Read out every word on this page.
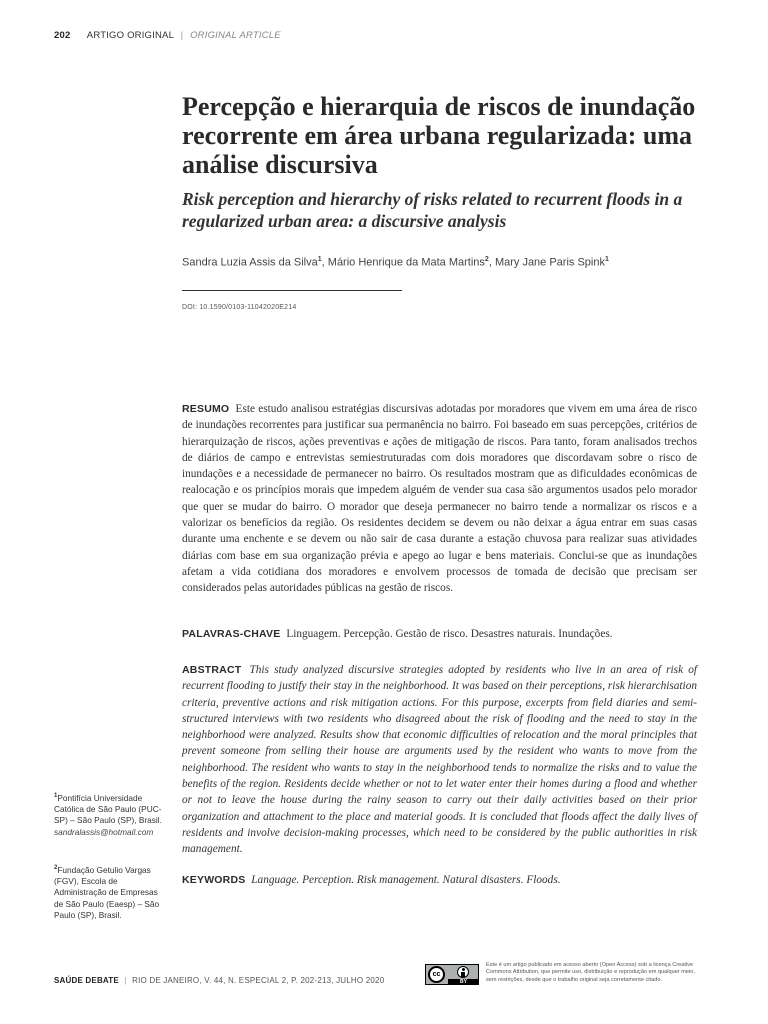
202 ARTIGO ORIGINAL | ORIGINAL ARTICLE
Percepção e hierarquia de riscos de inundação recorrente em área urbana regularizada: uma análise discursiva
Risk perception and hierarchy of risks related to recurrent floods in a regularized urban area: a discursive analysis
Sandra Luzia Assis da Silva$^1$, Mário Henrique da Mata Martins$^2$, Mary Jane Paris Spink$^1$
DOI: 10.1590/0103-11042020E214

RESUMO Este estudo analisou estratégias discursivas adotadas por moradores que vivem em uma área de risco de inundações recorrentes para justificar sua permanência no bairro. Foi baseado em suas percepções, critérios de hierarquização de riscos, ações preventivas e ações de mitigação de riscos. Para tanto, foram analisados trechos de diários de campo e entrevistas semiestruturadas com dois moradores que discordavam sobre o risco de inundações e a necessidade de permanecer no bairro. Os resultados mostram que as dificuldades econômicas de realocação e os princípios morais que impedem alguém de vender sua casa são argumentos usados pelo morador que quer se mudar do bairro. O morador que deseja permanecer no bairro tende a normalizar os riscos e a valorizar os benefícios da região. Os residentes decidem se devem ou não deixar a água entrar em suas casas durante uma enchente e se devem ou não sair de casa durante a estação chuvosa para realizar suas atividades diárias com base em sua organização prévia e apego ao lugar e bens materiais. Conclui-se que as inundações afetam a vida cotidiana dos moradores e envolvem processos de tomada de decisão que precisam ser considerados pelas autoridades públicas na gestão de riscos.

PALAVRAS-CHAVE Linguagem. Percepção. Gestão de risco. Desastres naturais. Inundações.

ABSTRACT This study analyzed discursive strategies adopted by residents who live in an area of risk of recurrent flooding to justify their stay in the neighborhood. It was based on their perceptions, risk hierarchisation criteria, preventive actions and risk mitigation actions. For this purpose, excerpts from field diaries and semi-structured interviews with two residents who disagreed about the risk of flooding and the need to stay in the neighborhood were analyzed. Results show that economic difficulties of relocation and the moral principles that prevent someone from selling their house are arguments used by the resident who wants to move from the neighborhood. The resident who wants to stay in the neighborhood tends to normalize the risks and to value the benefits of the region. Residents decide whether or not to let water enter their homes during a flood and whether or not to leave the house during the rainy season to carry out their daily activities based on their prior organization and attachment to the place and material goods. It is concluded that floods affect the daily lives of residents and involve decision-making processes, which need to be considered by the public authorities in risk management.

KEYWORDS Language. Perception. Risk management. Natural disasters. Floods.

$^1$Pontifícia Universidade Católica de São Paulo (PUC-SP) – São Paulo (SP), Brasil.
sandralassis@hotmail.com
$^2$Fundação Getulio Vargas (FGV), Escola de Administração de Empresas de São Paulo (Eaesp) – São Paulo (SP), Brasil.
SAÚDE DEBATE | RIO DE JANEIRO, V. 44, N. ESPECIAL 2, P. 202-213, JULHO 2020
cc
BY
Este é um artigo publicado em acesso aberto (Open Access) sob a licença Creative Commons Attribution, que permite uso, distribuição e reprodução em qualquer meio, sem restrições, desde que o trabalho original seja corretamente citado.
